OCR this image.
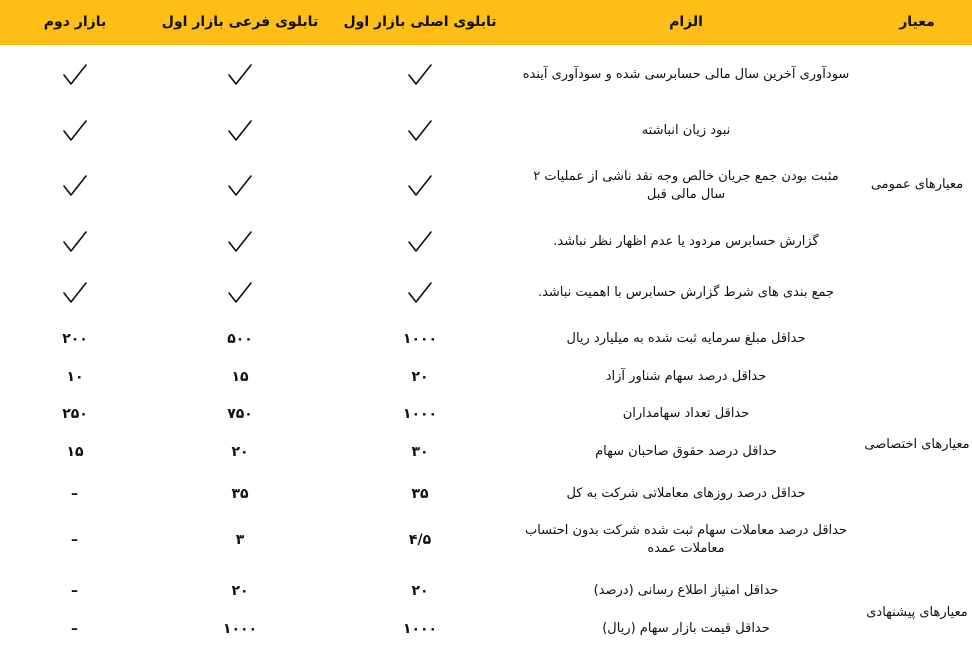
معیار
الزام
تابلوی اصلی بازار اول
تابلوی فرعی بازار اول
بازار دوم
معیارهای عمومی
معیارهای اختصاصی
معیارهای پیشنهادی
سودآوری آخرین سال مالی حسابرسی شده و سودآوری آینده
نبود زیان انباشته
مثبت بودن جمع جریان خالص وجه نقد ناشی از عملیات ۲ سال مالی قبل
گزارش حسابرس مردود یا عدم اظهار نظر نباشد.
جمع بندی های شرط گزارش حسابرس با اهمیت نباشد.
حداقل مبلغ سرمایه ثبت شده به میلیارد ریال
۱۰۰۰
۵۰۰
۲۰۰
حداقل درصد سهام شناور آزاد
۲۰
۱۵
۱۰
حداقل تعداد سهامداران
۱۰۰۰
۷۵۰
۲۵۰
حداقل درصد حقوق صاحبان سهام
۳۰
۲۰
۱۵
حداقل درصد روزهای معاملاتی شرکت به کل
۳۵
۳۵
–
حداقل درصد معاملات سهام ثبت شده شرکت بدون احتساب معاملات عمده
۴/۵
۳
–
حداقل امتیاز اطلاع رسانی (درصد)
۲۰
۲۰
–
حداقل قیمت بازار سهام (ریال)
۱۰۰۰
۱۰۰۰
–
